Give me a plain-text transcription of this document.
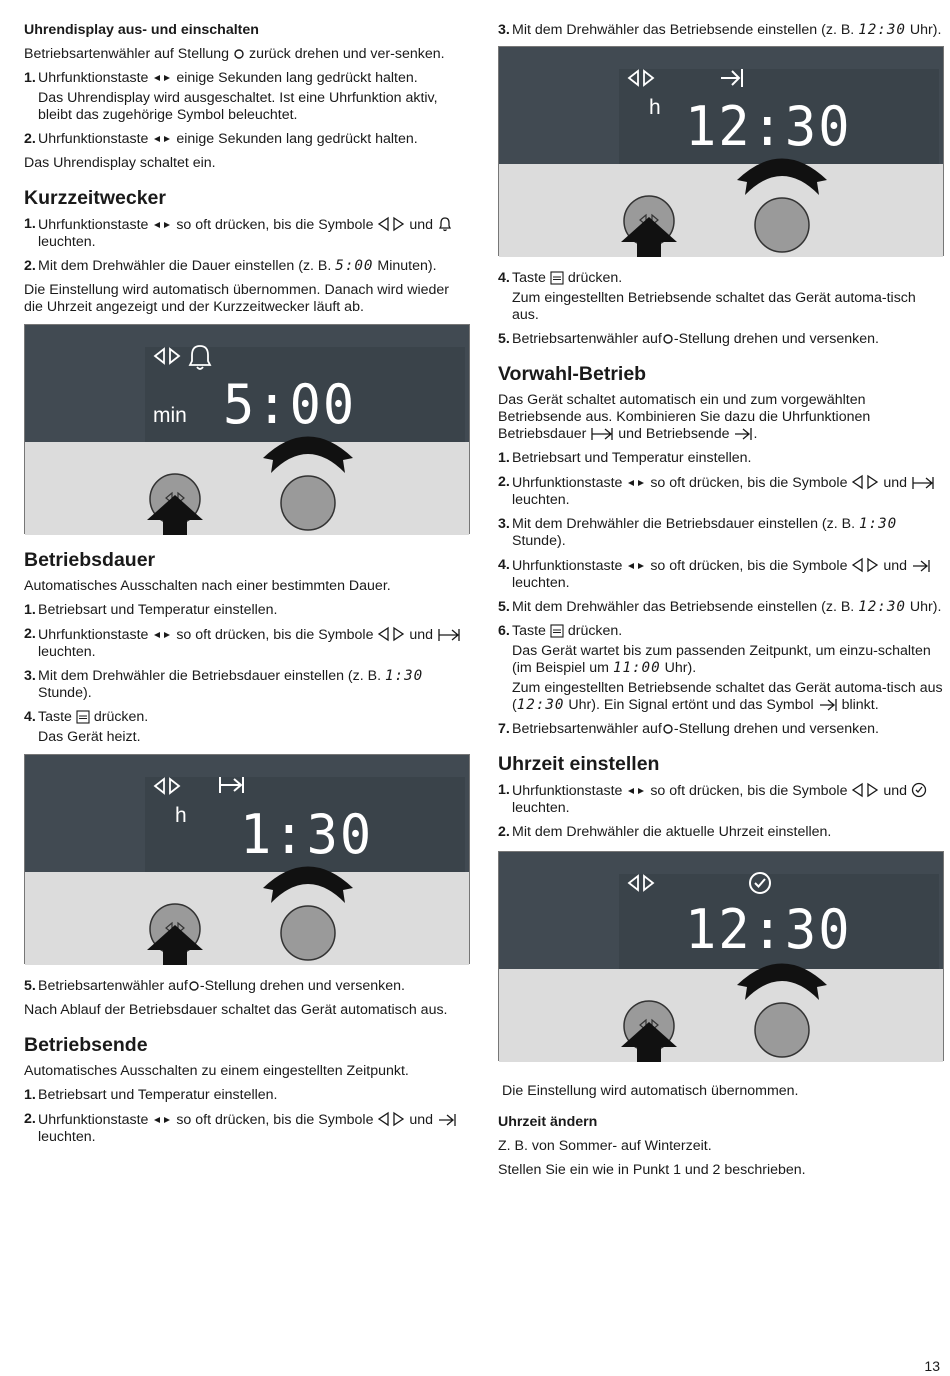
Uhrendisplay aus- und einschalten

Betriebsartenwähler auf Stellung zurück drehen und ver-senken.

1. Uhrfunktionstaste einige Sekunden lang gedrückt halten.
Das Uhrendisplay wird ausgeschaltet. Ist eine Uhrfunktion aktiv, bleibt das zugehörige Symbol beleuchtet.
2. Uhrfunktionstaste einige Sekunden lang gedrückt halten.

Das Uhrendisplay schaltet ein.

Kurzzeitwecker
1. Uhrfunktionstaste so oft drücken, bis die Symbole	und  leuchten.
2. Mit dem Drehwähler die Dauer einstellen (z. B. 5:00 Minuten).

Die Einstellung wird automatisch übernommen. Danach wird wieder die Uhrzeit angezeigt und der Kurzzeitwecker läuft ab.

min 5:00
Betriebsdauer

Automatisches Ausschalten nach einer bestimmten Dauer.

1. Betriebsart und Temperatur einstellen.
2. Uhrfunktionstaste so oft drücken, bis die Symbole	und  leuchten.
3. Mit dem Drehwähler die Betriebsdauer einstellen (z. B. 1:30 Stunde).
4. Taste drücken.
Das Gerät heizt.
h 1:30
5. Betriebsartenwähler auf -Stellung drehen und versenken.

Nach Ablauf der Betriebsdauer schaltet das Gerät automatisch aus.

Betriebsende

Automatisches Ausschalten zu einem eingestellten Zeitpunkt.

1. Betriebsart und Temperatur einstellen.
2. Uhrfunktionstaste so oft drücken, bis die Symbole	und  leuchten.
3. Mit dem Drehwähler das Betriebsende einstellen (z. B. 12:30 Uhr).
h 12:30
4. Taste drücken.
Zum eingestellten Betriebsende schaltet das Gerät automa-tisch aus.
5. Betriebsartenwähler auf -Stellung drehen und versenken.
Vorwahl-Betrieb

Das Gerät schaltet automatisch ein und zum vorgewählten Betriebsende aus. Kombinieren Sie dazu die Uhrfunktionen Betriebsdauer und Betriebsende .

1. Betriebsart und Temperatur einstellen.
2. Uhrfunktionstaste so oft drücken, bis die Symbole	und  leuchten.
3. Mit dem Drehwähler die Betriebsdauer einstellen (z. B. 1:30 Stunde).
4. Uhrfunktionstaste so oft drücken, bis die Symbole	und  leuchten.
5. Mit dem Drehwähler das Betriebsende einstellen (z. B. 12:30 Uhr).
6. Taste drücken.
Das Gerät wartet bis zum passenden Zeitpunkt, um einzu-schalten (im Beispiel um 11:00 Uhr).
Zum eingestellten Betriebsende schaltet das Gerät automa-tisch aus (12:30 Uhr). Ein Signal ertönt und das Symbol blinkt.
7. Betriebsartenwähler auf -Stellung drehen und versenken.
Uhrzeit einstellen
1. Uhrfunktionstaste so oft drücken, bis die Symbole	und  leuchten.
2. Mit dem Drehwähler die aktuelle Uhrzeit einstellen.
12:30

Die Einstellung wird automatisch übernommen.

Uhrzeit ändern

Z. B. von Sommer- auf Winterzeit.

Stellen Sie ein wie in Punkt 1 und 2 beschrieben.

13
